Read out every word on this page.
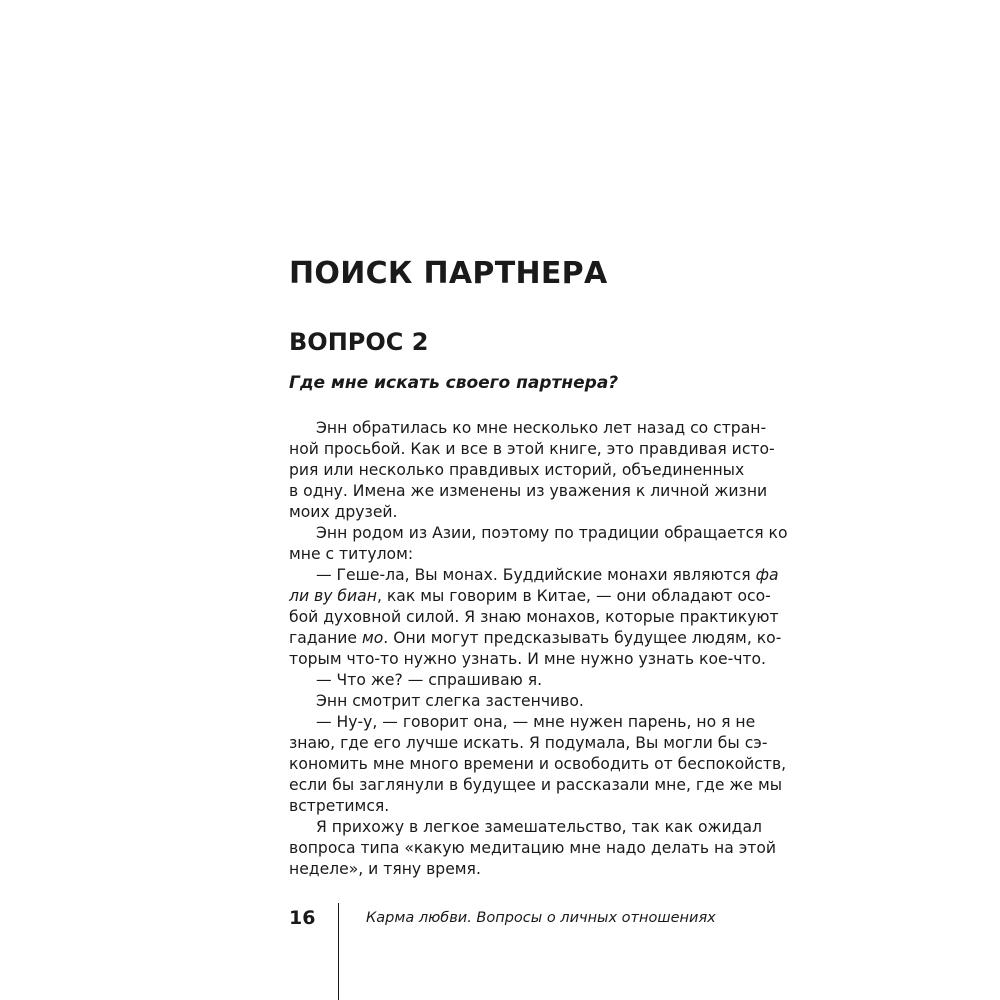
ПОИСК ПАРТНЕРА
ВОПРОС 2

Где мне искать своего партнера?

Энн обратилась ко мне несколько лет назад со стран-
ной просьбой. Как и все в этой книге, это правдивая исто-
рия или несколько правдивых историй, объединенных
в одну. Имена же изменены из уважения к личной жизни
моих друзей.
Энн родом из Азии, поэтому по традиции обращается ко
мне с титулом:
— Геше-ла, Вы монах. Буддийские монахи являются фа
ли ву биан, как мы говорим в Китае, — они обладают осо-
бой духовной силой. Я знаю монахов, которые практикуют
гадание мо. Они могут предсказывать будущее людям, ко-
торым что-то нужно узнать. И мне нужно узнать кое-что.
— Что же? — спрашиваю я.
Энн смотрит слегка застенчиво.
— Ну-у, — говорит она, — мне нужен парень, но я не
знаю, где его лучше искать. Я подумала, Вы могли бы сэ-
кономить мне много времени и освободить от беспокойств,
если бы заглянули в будущее и рассказали мне, где же мы
встретимся.
Я прихожу в легкое замешательство, так как ожидал
вопроса типа «какую медитацию мне надо делать на этой
неделе», и тяну время.
16	Карма любви. Вопросы о личных отношениях
